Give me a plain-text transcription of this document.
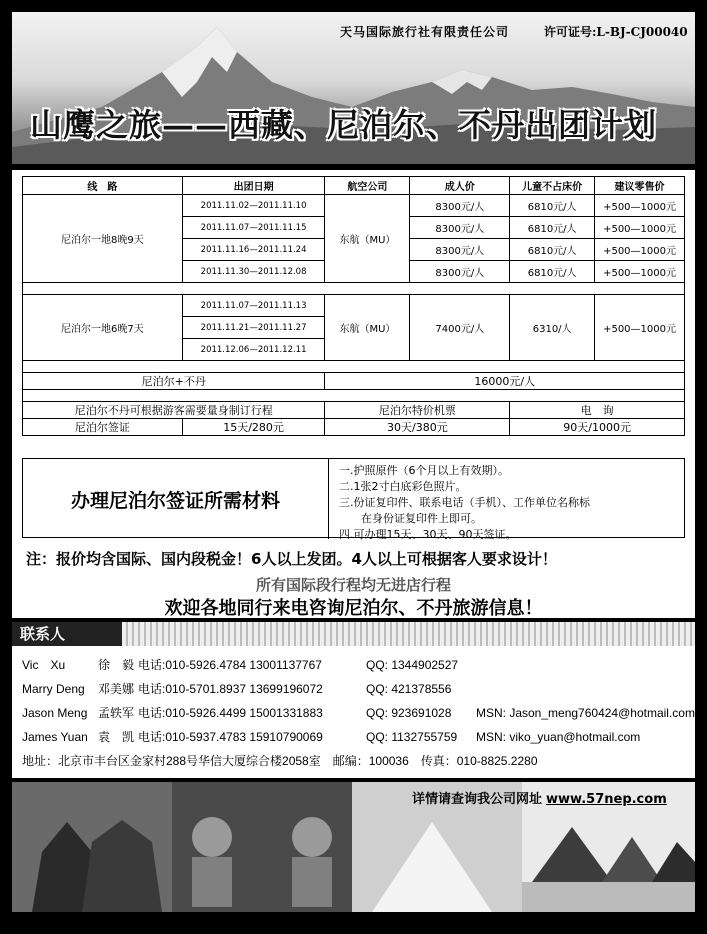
天马国际旅行社有限责任公司	许可证号:L-BJ-CJ00040
山鹰之旅——西藏、尼泊尔、不丹出团计划
线　路	出团日期	航空公司	成人价	儿童不占床价	建议零售价
尼泊尔一地8晚9天	2011.11.02—2011.11.10	东航（MU）	8300元/人	6810元/人	+500—1000元
	2011.11.07—2011.11.15		8300元/人	6810元/人	+500—1000元
	2011.11.16—2011.11.24		8300元/人	6810元/人	+500—1000元
	2011.11.30—2011.12.08		8300元/人	6810元/人	+500—1000元

尼泊尔一地6晚7天	2011.11.07—2011.11.13	东航（MU）	7400元/人	6310/人	+500—1000元
	2011.11.21—2011.11.27				
	2011.12.06—2011.12.11				

尼泊尔+不丹		16000元/人			

尼泊尔不丹可根据游客需要量身制订行程		尼泊尔特价机票		电　询	
尼泊尔签证	15天/280元	30天/380元		90天/1000元	
办理尼泊尔签证所需材料
一.护照原件（6个月以上有效期）。
二.1张2寸白底彩色照片。
三.份证复印件、联系电话（手机）、工作单位名称标
　　在身份证复印件上即可。
四.可办理15天、30天、90天签证。
注：报价均含国际、国内段税金！6人以上发团。4人以上可根据客人要求设计！
所有国际段行程均无进店行程
欢迎各地同行来电咨询尼泊尔、不丹旅游信息！
联系人
Vic　Xu	徐　毅 电话:010-5926.4784 13001137767	QQ: 1344902527
Marry Deng 邓美娜 电话:010-5701.8937 13699196072	QQ: 421378556
Jason Meng 孟轶军 电话:010-5926.4499 15001331883	QQ: 923691028 MSN: Jason_meng760424@hotmail.com
James Yuan 袁　凯 电话:010-5937.4783 15910790069	QQ: 1132755759 MSN: viko_yuan@hotmail.com
地址：北京市丰台区金家村288号华信大厦综合楼2058室　邮编：100036　传真：010-8825.2280
详情请查询我公司网址 www.57nep.com
